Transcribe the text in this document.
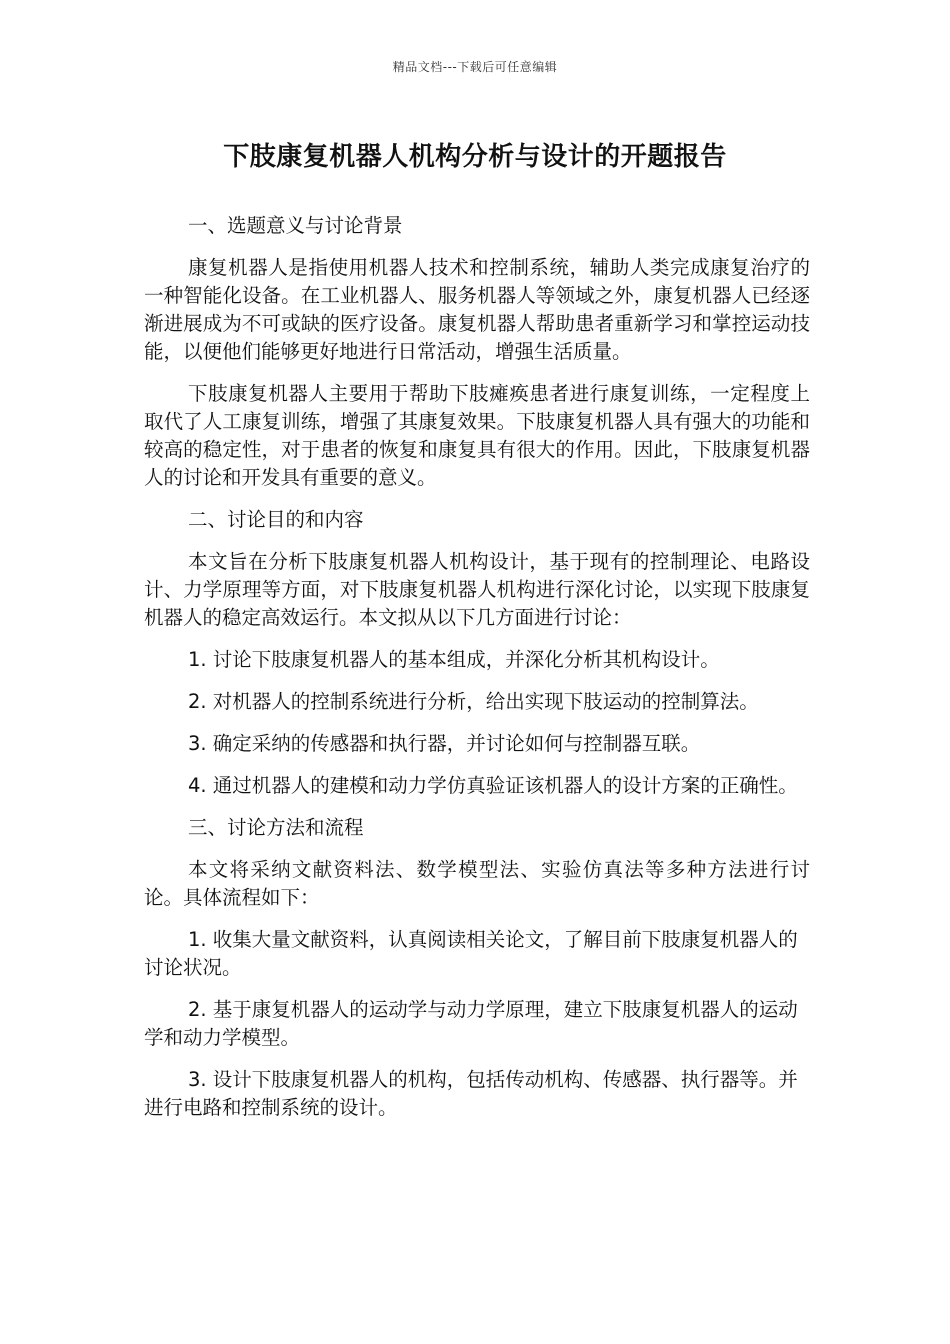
精品文档---下载后可任意编辑
下肢康复机器人机构分析与设计的开题报告

一、选题意义与讨论背景

康复机器人是指使用机器人技术和控制系统，辅助人类完成康复治疗的一种智能化设备。在工业机器人、服务机器人等领域之外，康复机器人已经逐渐进展成为不可或缺的医疗设备。康复机器人帮助患者重新学习和掌控运动技能，以便他们能够更好地进行日常活动，增强生活质量。

下肢康复机器人主要用于帮助下肢瘫痪患者进行康复训练，一定程度上取代了人工康复训练，增强了其康复效果。下肢康复机器人具有强大的功能和较高的稳定性，对于患者的恢复和康复具有很大的作用。因此，下肢康复机器人的讨论和开发具有重要的意义。

二、讨论目的和内容

本文旨在分析下肢康复机器人机构设计，基于现有的控制理论、电路设计、力学原理等方面，对下肢康复机器人机构进行深化讨论，以实现下肢康复机器人的稳定高效运行。本文拟从以下几方面进行讨论：

1. 讨论下肢康复机器人的基本组成，并深化分析其机构设计。

2. 对机器人的控制系统进行分析，给出实现下肢运动的控制算法。

3. 确定采纳的传感器和执行器，并讨论如何与控制器互联。

4. 通过机器人的建模和动力学仿真验证该机器人的设计方案的正确性。

三、讨论方法和流程

本文将采纳文献资料法、数学模型法、实验仿真法等多种方法进行讨论。具体流程如下：

1. 收集大量文献资料，认真阅读相关论文，了解目前下肢康复机器人的讨论状况。

2. 基于康复机器人的运动学与动力学原理，建立下肢康复机器人的运动学和动力学模型。

3. 设计下肢康复机器人的机构，包括传动机构、传感器、执行器等。并进行电路和控制系统的设计。
